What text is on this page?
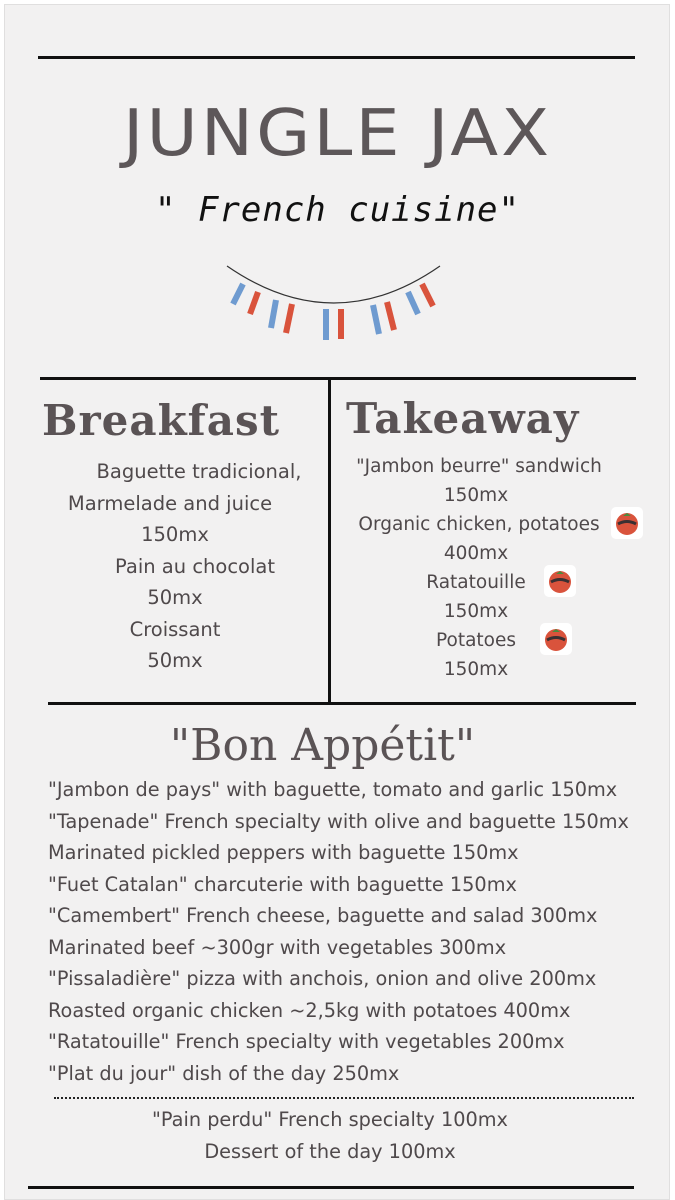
JUNGLE JAX
" French cuisine"
Breakfast
Baguette tradicional,
Marmelade and juice
150mx
Pain au chocolat
50mx
Croissant
50mx
Takeaway
"Jambon beurre" sandwich
150mx
Organic chicken, potatoes
400mx
Ratatouille
150mx
Potatoes
150mx
"Bon Appétit"
"Jambon de pays" with baguette, tomato and garlic 150mx
"Tapenade" French specialty with olive and baguette 150mx
Marinated pickled peppers with baguette 150mx
"Fuet Catalan" charcuterie with baguette 150mx
"Camembert" French cheese, baguette and salad 300mx
Marinated beef ~300gr with vegetables 300mx
"Pissaladière" pizza with anchois, onion and olive 200mx
Roasted organic chicken ~2,5kg with potatoes 400mx
"Ratatouille" French specialty with vegetables 200mx
"Plat du jour" dish of the day 250mx
"Pain perdu" French specialty 100mx
Dessert of the day 100mx
